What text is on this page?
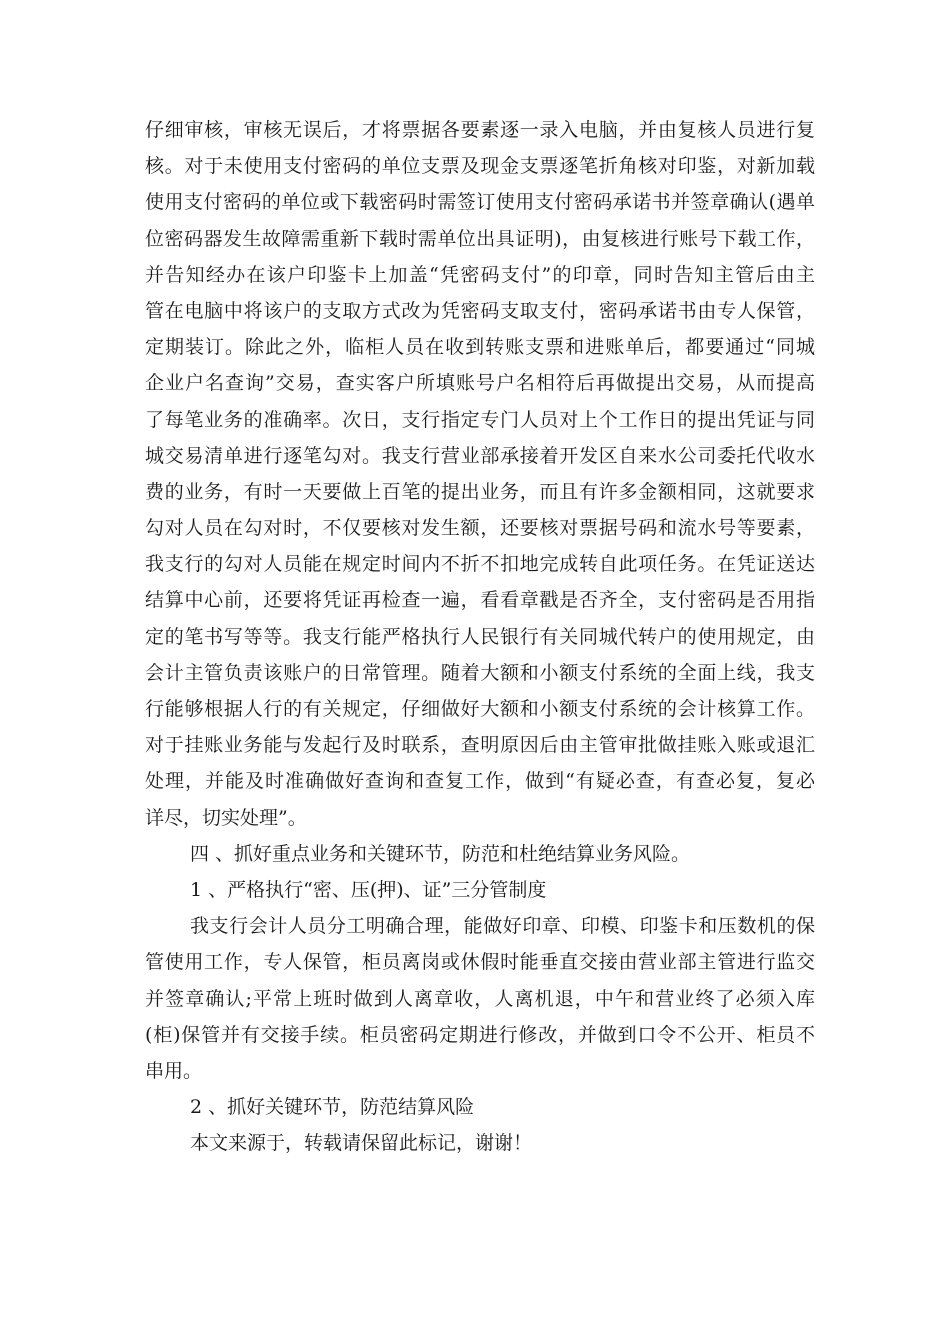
仔细审核，审核无误后，才将票据各要素逐一录入电脑，并由复核人员进行复
核。对于未使用支付密码的单位支票及现金支票逐笔折角核对印鉴，对新加载
使用支付密码的单位或下载密码时需签订使用支付密码承诺书并签章确认(遇单
位密码器发生故障需重新下载时需单位出具证明)，由复核进行账号下载工作，
并告知经办在该户印鉴卡上加盖“凭密码支付”的印章，同时告知主管后由主
管在电脑中将该户的支取方式改为凭密码支取支付，密码承诺书由专人保管，
定期装订。除此之外，临柜人员在收到转账支票和进账单后，都要通过“同城
企业户名查询”交易，查实客户所填账号户名相符后再做提出交易，从而提高
了每笔业务的准确率。次日，支行指定专门人员对上个工作日的提出凭证与同
城交易清单进行逐笔勾对。我支行营业部承接着开发区自来水公司委托代收水
费的业务，有时一天要做上百笔的提出业务，而且有许多金额相同，这就要求
勾对人员在勾对时，不仅要核对发生额，还要核对票据号码和流水号等要素，
我支行的勾对人员能在规定时间内不折不扣地完成转自此项任务。在凭证送达
结算中心前，还要将凭证再检查一遍，看看章戳是否齐全，支付密码是否用指
定的笔书写等等。我支行能严格执行人民银行有关同城代转户的使用规定，由
会计主管负责该账户的日常管理。随着大额和小额支付系统的全面上线，我支
行能够根据人行的有关规定，仔细做好大额和小额支付系统的会计核算工作。
对于挂账业务能与发起行及时联系，查明原因后由主管审批做挂账入账或退汇
处理，并能及时准确做好查询和查复工作，做到“有疑必查，有查必复，复必
详尽，切实处理”。
四 、抓好重点业务和关键环节，防范和杜绝结算业务风险。
1 、严格执行“密、压(押)、证”三分管制度
我支行会计人员分工明确合理，能做好印章、印模、印鉴卡和压数机的保
管使用工作，专人保管，柜员离岗或休假时能垂直交接由营业部主管进行监交
并签章确认;平常上班时做到人离章收，人离机退，中午和营业终了必须入库
(柜)保管并有交接手续。柜员密码定期进行修改，并做到口令不公开、柜员不
串用。
2 、抓好关键环节，防范结算风险
本文来源于，转载请保留此标记，谢谢！
